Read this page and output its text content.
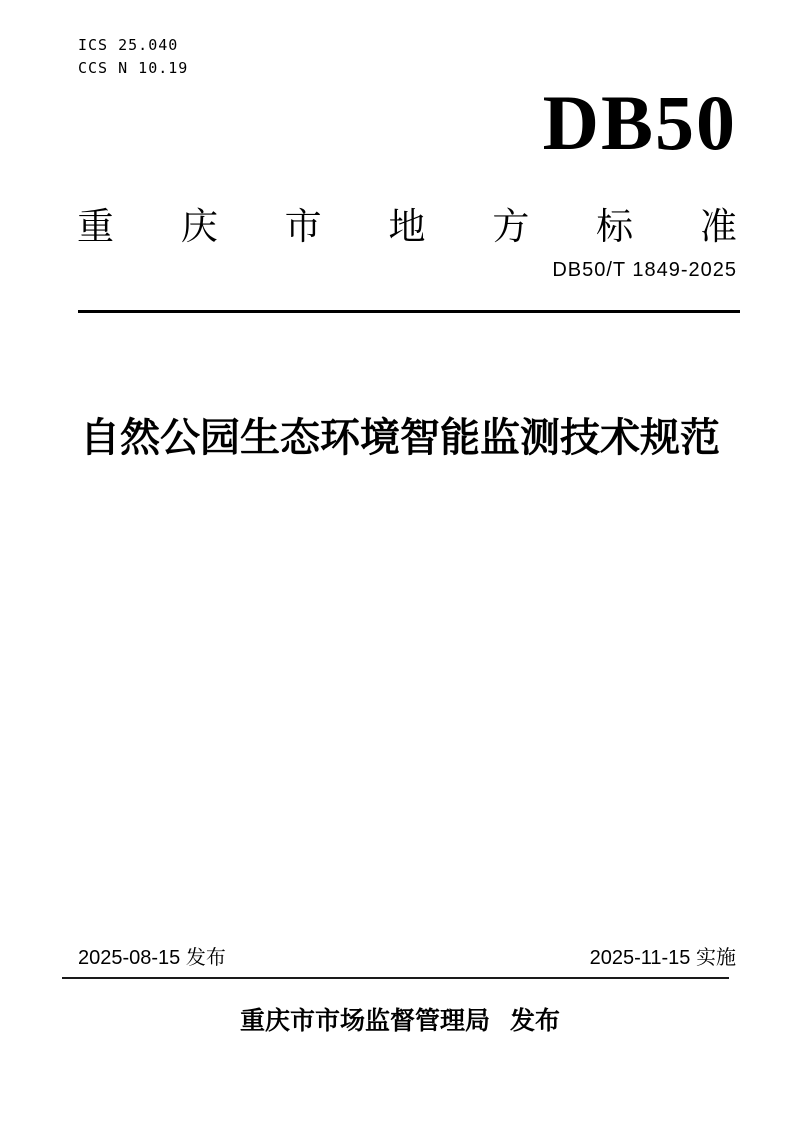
ICS 25.040
CCS N 10.19
DB50
重 庆 市 地 方 标 准
DB50/T 1849-2025
自然公园生态环境智能监测技术规范
2025-08-15 发布	2025-11-15 实施
重庆市市场监督管理局 发布
